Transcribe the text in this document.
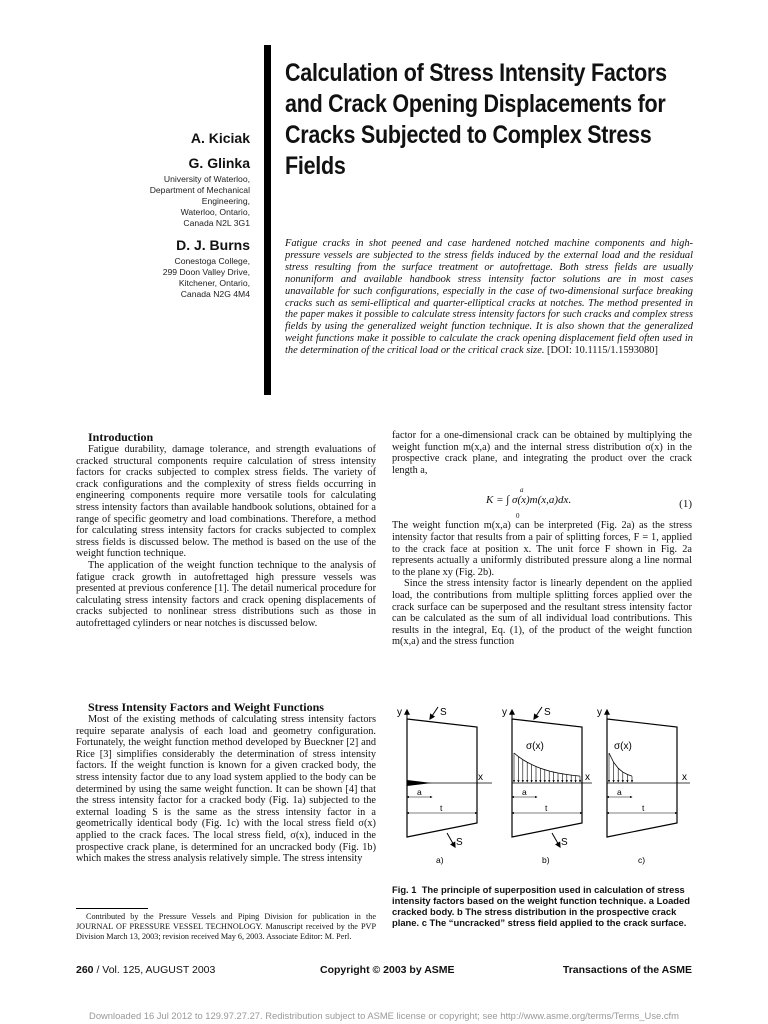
A. Kiciak

G. Glinka

University of Waterloo,

Department of Mechanical Engineering,

Waterloo, Ontario,

Canada N2L 3G1

D. J. Burns

Conestoga College,

299 Doon Valley Drive,

Kitchener, Ontario,

Canada N2G 4M4

Calculation of Stress Intensity Factors and Crack Opening Displacements for Cracks Subjected to Complex Stress Fields

Fatigue cracks in shot peened and case hardened notched machine components and high-pressure vessels are subjected to the stress fields induced by the external load and the residual stress resulting from the surface treatment or autofrettage. Both stress fields are usually nonuniform and available handbook stress intensity factor solutions are in most cases unavailable for such configurations, especially in the case of two-dimensional surface breaking cracks such as semi-elliptical and quarter-elliptical cracks at notches. The method presented in the paper makes it possible to calculate stress intensity factors for such cracks and complex stress fields by using the generalized weight function technique. It is also shown that the generalized weight functions make it possible to calculate the crack opening displacement field often used in the determination of the critical load or the critical crack size. [DOI: 10.1115/1.1593080]

Introduction

Fatigue durability, damage tolerance, and strength evaluations of cracked structural components require calculation of stress intensity factors for cracks subjected to complex stress fields. The variety of crack configurations and the complexity of stress fields occurring in engineering components require more versatile tools for calculating stress intensity factors than available handbook solutions, obtained for a range of specific geometry and load combinations. Therefore, a method for calculating stress intensity factors for cracks subjected to complex stress fields is discussed below. The method is based on the use of the weight function technique.

The application of the weight function technique to the analysis of fatigue crack growth in autofrettaged high pressure vessels was presented at previous conference [1]. The detail numerical procedure for calculating stress intensity factors and crack opening displacements of cracks subjected to nonlinear stress distributions such as those in autofrettaged cylinders or near notches is discussed below.

Stress Intensity Factors and Weight Functions

Most of the existing methods of calculating stress intensity factors require separate analysis of each load and geometry configuration. Fortunately, the weight function method developed by Bueckner [2] and Rice [3] simplifies considerably the determination of stress intensity factors. If the weight function is known for a given cracked body, the stress intensity factor due to any load system applied to the body can be determined by using the same weight function. It can be shown [4] that the stress intensity factor for a cracked body (Fig. 1a) subjected to the external loading S is the same as the stress intensity factor in a geometrically identical body (Fig. 1c) with the local stress field σ(x) applied to the crack faces. The local stress field, σ(x), induced in the prospective crack plane, is determined for an uncracked body (Fig. 1b) which makes the stress analysis relatively simple. The stress intensity

Contributed by the Pressure Vessels and Piping Division for publication in the JOURNAL OF PRESSURE VESSEL TECHNOLOGY. Manuscript received by the PVP Division March 13, 2003; revision received May 6, 2003. Associate Editor: M. Perl.

factor for a one-dimensional crack can be obtained by multiplying the weight function m(x,a) and the internal stress distribution σ(x) in the prospective crack plane, and integrating the product over the crack length a,

The weight function m(x,a) can be interpreted (Fig. 2a) as the stress intensity factor that results from a pair of splitting forces, F = 1, applied to the crack face at position x. The unit force F shown in Fig. 2a represents actually a uniformly distributed pressure along a line normal to the plane xy (Fig. 2b).

Since the stress intensity factor is linearly dependent on the applied load, the contributions from multiple splitting forces applied over the crack surface can be superposed and the resultant stress intensity factor can be calculated as the sum of all individual load contributions. This results in the integral, Eq. (1), of the product of the weight function m(x,a) and the stress function

a
K = ∫ σ(x)m(x,a)dx.
0
(1)
y
x
S
S
a
t
a)
y
x
σ(x)
S
S
a
t
b)
y
x
σ(x)
a
t
c)

Fig. 1 The principle of superposition used in calculation of stress intensity factors based on the weight function technique. a Loaded cracked body. b The stress distribution in the prospective crack plane. c The “uncracked” stress field applied to the crack surface.

260 / Vol. 125, AUGUST 2003	Copyright © 2003 by ASME	Transactions of the ASME
Downloaded 16 Jul 2012 to 129.97.27.27. Redistribution subject to ASME license or copyright; see http://www.asme.org/terms/Terms_Use.cfm
